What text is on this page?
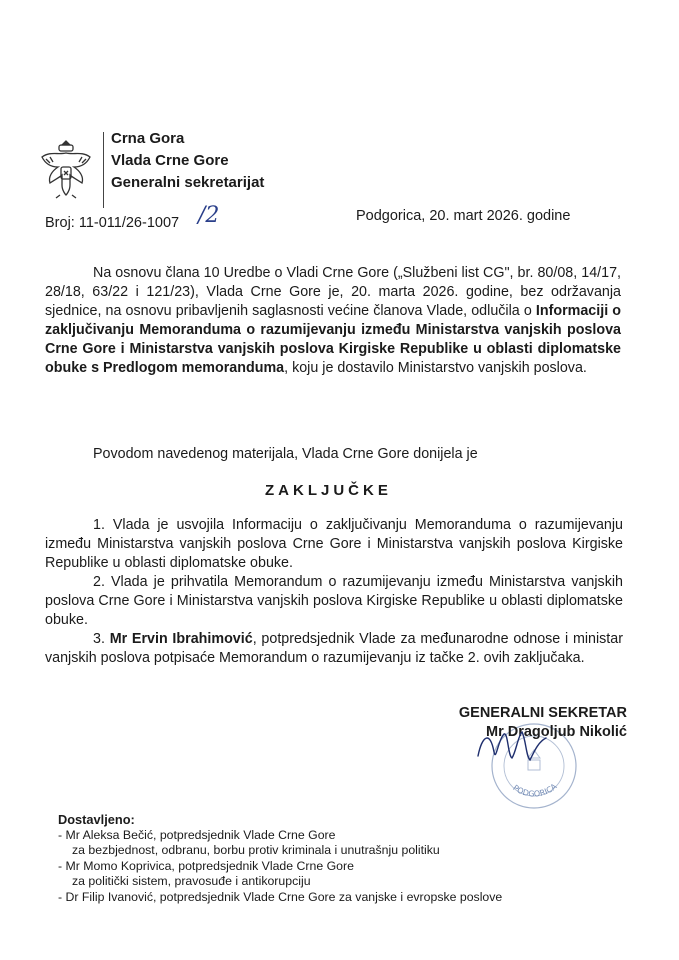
Crna Gora
Vlada Crne Gore
Generalni sekretarijat
Broj: 11-011/26-1007 /2	Podgorica, 20. mart 2026. godine
Na osnovu člana 10 Uredbe o Vladi Crne Gore („Službeni list CG", br. 80/08, 14/17, 28/18, 63/22 i 121/23), Vlada Crne Gore je, 20. marta 2026. godine, bez održavanja sjednice, na osnovu pribavljenih saglasnosti većine članova Vlade, odlučila o Informaciji o zaključivanju Memoranduma o razumijevanju između Ministarstva vanjskih poslova Crne Gore i Ministarstva vanjskih poslova Kirgiske Republike u oblasti diplomatske obuke s Predlogom memoranduma, koju je dostavilo Ministarstvo vanjskih poslova.
Povodom navedenog materijala, Vlada Crne Gore donijela je
ZAKLJUČKE
1. Vlada je usvojila Informaciju o zaključivanju Memoranduma o razumijevanju između Ministarstva vanjskih poslova Crne Gore i Ministarstva vanjskih poslova Kirgiske Republike u oblasti diplomatske obuke.
2. Vlada je prihvatila Memorandum o razumijevanju između Ministarstva vanjskih poslova Crne Gore i Ministarstva vanjskih poslova Kirgiske Republike u oblasti diplomatske obuke.
3. Mr Ervin Ibrahimović, potpredsjednik Vlade za međunarodne odnose i ministar vanjskih poslova potpisaće Memorandum o razumijevanju iz tačke 2. ovih zaključaka.
PODGORICA
GENERALNI SEKRETAR
Mr Dragoljub Nikolić
Dostavljeno:
- Mr Aleksa Bečić, potpredsjednik Vlade Crne Gore
za bezbjednost, odbranu, borbu protiv kriminala i unutrašnju politiku
- Mr Momo Koprivica, potpredsjednik Vlade Crne Gore
za politički sistem, pravosuđe i antikorupciju
- Dr Filip Ivanović, potpredsjednik Vlade Crne Gore za vanjske i evropske poslove
